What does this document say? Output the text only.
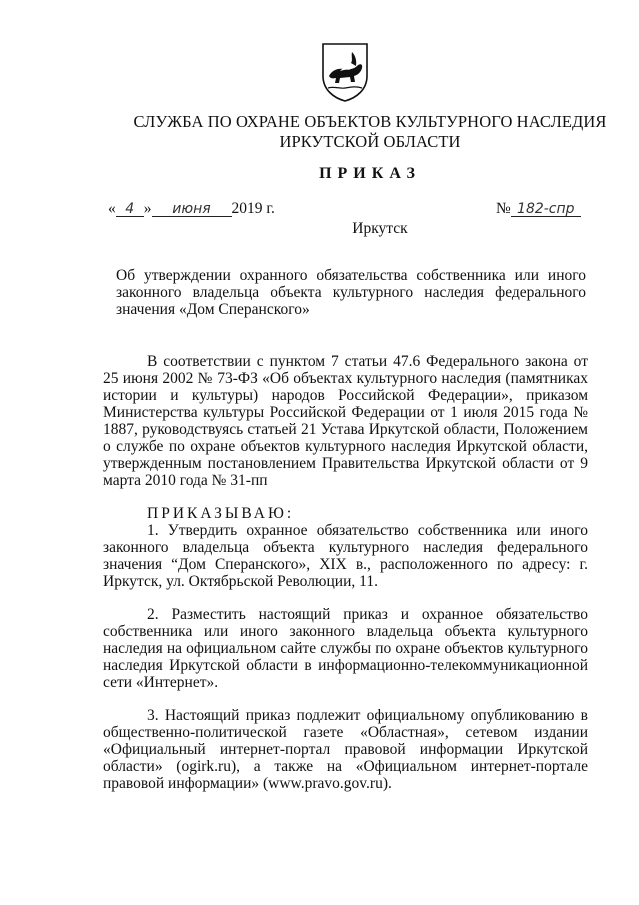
СЛУЖБА ПО ОХРАНЕ ОБЪЕКТОВ КУЛЬТУРНОГО НАСЛЕДИЯ
ИРКУТСКОЙ ОБЛАСТИ
ПРИКАЗ
« 4 » июня 2019 г.	№ 182-спр
Иркутск
Об утверждении охранного обязательства собственника или иного законного владельца объекта культурного наследия федерального значения «Дом Сперанского»

В соответствии с пунктом 7 статьи 47.6 Федерального закона от 25 июня 2002 № 73-ФЗ «Об объектах культурного наследия (памятниках истории и культуры) народов Российской Федерации», приказом Министерства культуры Российской Федерации от 1 июля 2015 года № 1887, руководствуясь статьей 21 Устава Иркутской области, Положением о службе по охране объектов культурного наследия Иркутской области, утвержденным постановлением Правительства Иркутской области от 9 марта 2010 года № 31-пп

ПРИКАЗЫВАЮ:

1. Утвердить охранное обязательство собственника или иного законного владельца объекта культурного наследия федерального значения “Дом Сперанского», XIX в., расположенного по адресу: г. Иркутск, ул. Октябрьской Революции, 11.

2. Разместить настоящий приказ и охранное обязательство собственника или иного законного владельца объекта культурного наследия на официальном сайте службы по охране объектов культурного наследия Иркутской области в информационно-телекоммуникационной сети «Интернет».

3. Настоящий приказ подлежит официальному опубликованию в общественно-политической газете «Областная», сетевом издании «Официальный интернет-портал правовой информации Иркутской области» (ogirk.ru), а также на «Официальном интернет-портале правовой информации» (www.pravo.gov.ru).
